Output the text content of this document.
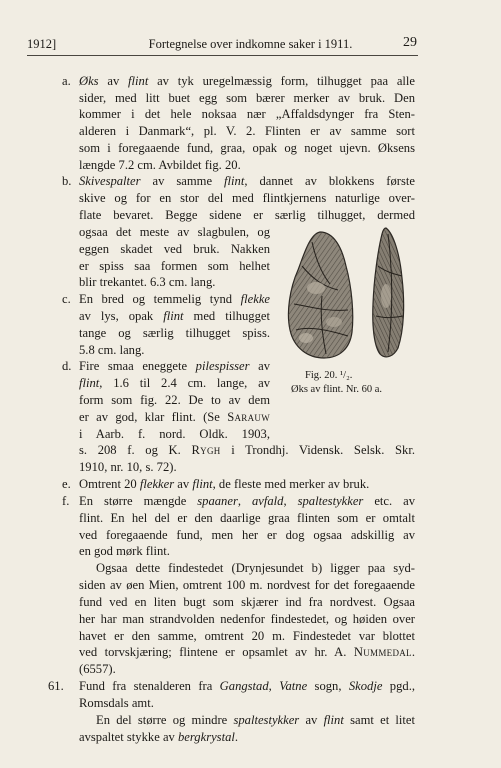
1912]	Fortegnelse over indkomne saker i 1911.	29
a. Øks av flint av tyk uregelmæssig form, tilhugget paa alle
sider, med litt buet egg som bærer merker av bruk. Den
kommer i det hele noksaa nær „Affaldsdynger fra Sten-
alderen i Danmark“, pl. V. 2. Flinten er av samme sort
som i foregaaende fund, graa, opak og noget ujevn. Øksens
længde 7.2 cm. Avbildet fig. 20.
b. Skivespalter av samme flint, dannet av blokkens første
skive og for en stor del med flintkjernens naturlige over-
flate bevaret. Begge sidene er særlig tilhugget, dermed
ogsaa det meste av slagbulen, og
eggen skadet ved bruk. Nakken
er spiss saa formen som helhet
blir trekantet. 6.3 cm. lang.
c. En bred og temmelig tynd flekke
av lys, opak flint med tilhugget
tange og særlig tilhugget spiss.
5.8 cm. lang.
d. Fire smaa eneggete pilespisser av
flint, 1.6 til 2.4 cm. lange, av
form som fig. 22. De to av dem
er av god, klar flint. (Se Sarauw
i Aarb. f. nord. Oldk. 1903,
s. 208 f. og K. Rygh i Trondhj. Vidensk. Selsk. Skr.
1910, nr. 10, s. 72).
e. Omtrent 20 flekker av flint, de fleste med merker av bruk.
f. En større mængde spaaner, avfald, spaltestykker etc. av
flint. En hel del er den daarlige graa flinten som er omtalt
ved foregaaende fund, men her er dog ogsaa adskillig av
en god mørk flint.
Ogsaa dette findestedet (Drynjesundet b) ligger paa syd-
siden av øen Mien, omtrent 100 m. nordvest for det foregaaende
fund ved en liten bugt som skjærer ind fra nordvest. Ogsaa
her har man strandvolden nedenfor findestedet, og høiden over
havet er den samme, omtrent 20 m. Findestedet var blottet
ved torvskjæring; flintene er opsamlet av hr. A. Nummedal.
(6557).
61. Fund fra stenalderen fra Gangstad, Vatne sogn, Skodje pgd.,
Romsdals amt.
En del større og mindre spaltestykker av flint samt et litet
avspaltet stykke av bergkrystal.
Fig. 20. ¹/₂.
Øks av flint. Nr. 60 a.
